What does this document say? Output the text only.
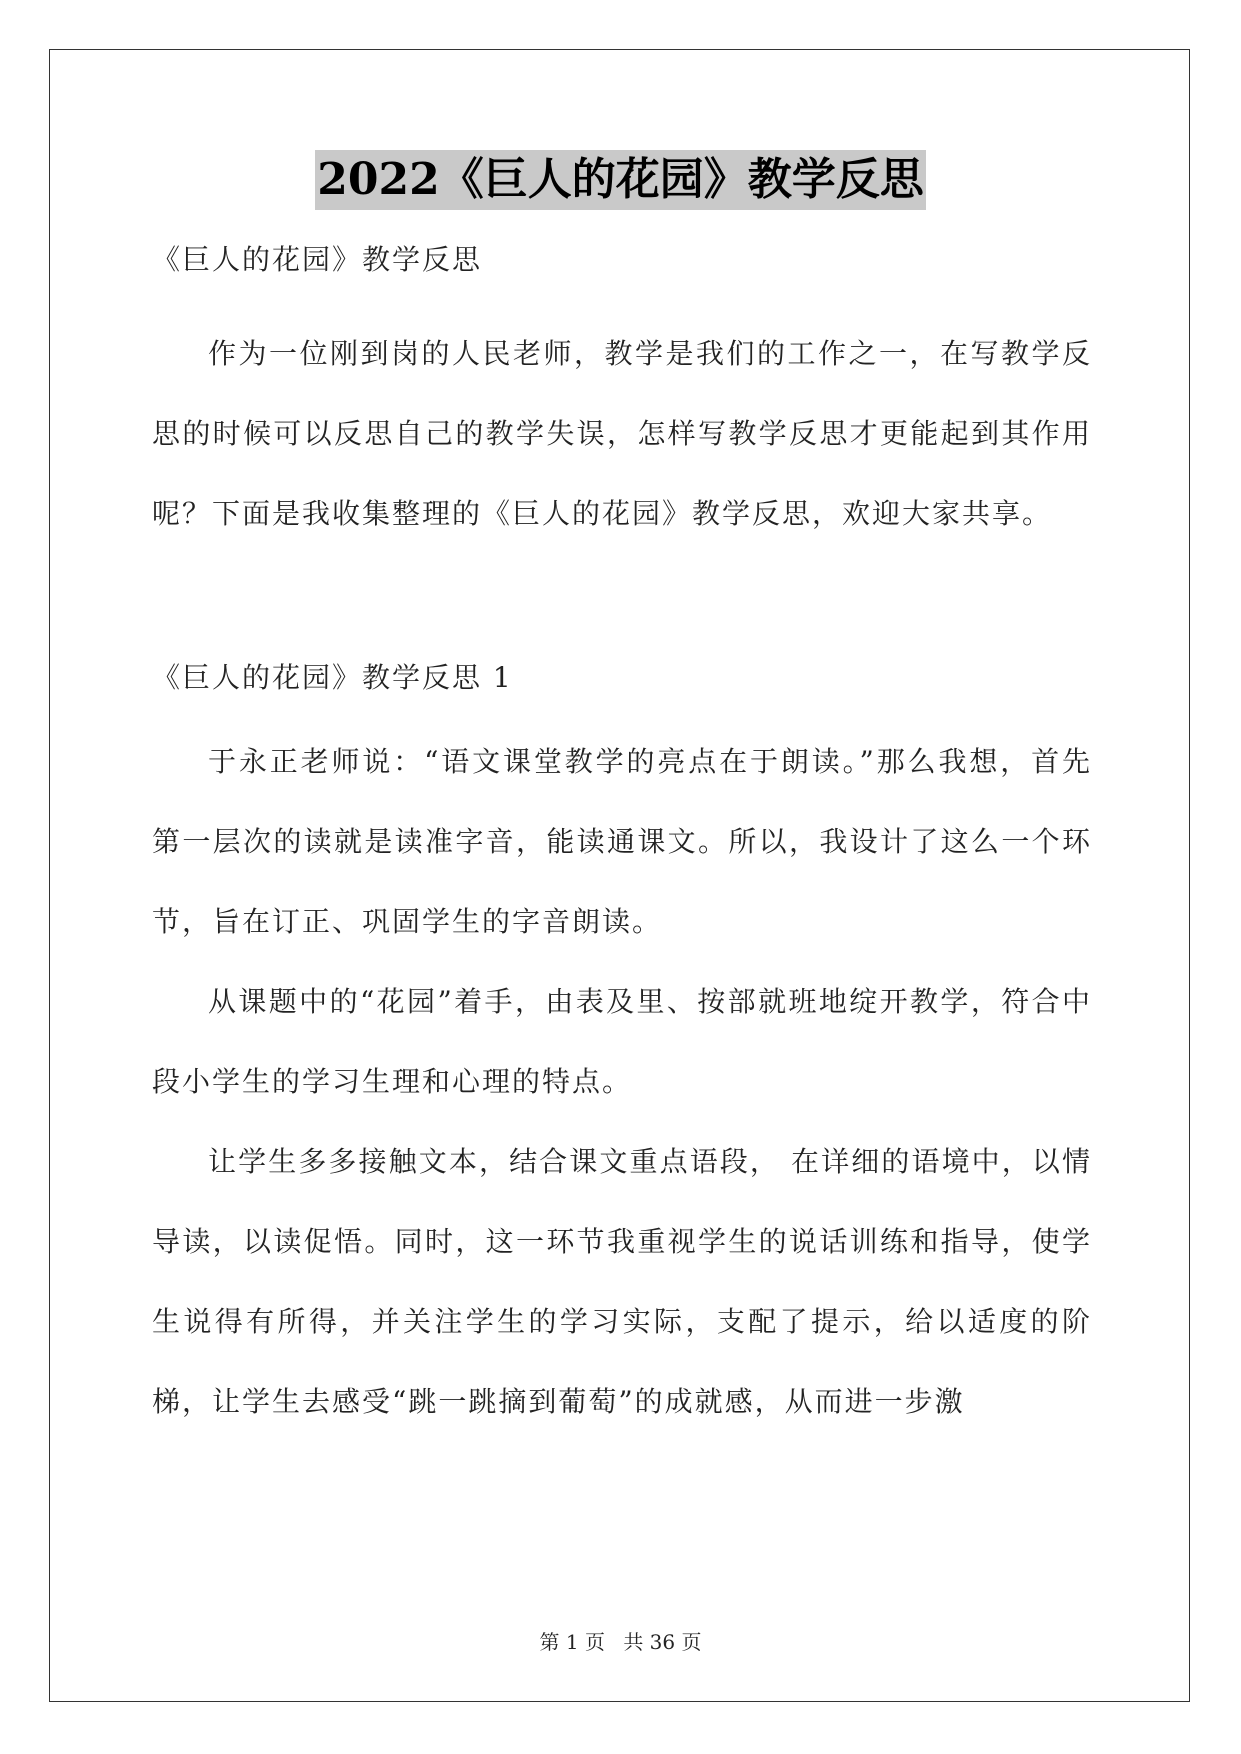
2022《巨人的花园》教学反思

《巨人的花园》教学反思

作为一位刚到岗的人民老师，教学是我们的工作之一，在写教学反思的时候可以反思自己的教学失误，怎样写教学反思才更能起到其作用呢？下面是我收集整理的《巨人的花园》教学反思，欢迎大家共享。

《巨人的花园》教学反思 1

于永正老师说：“语文课堂教学的亮点在于朗读。”那么我想，首先第一层次的读就是读准字音，能读通课文。所以，我设计了这么一个环节，旨在订正、巩固学生的字音朗读。

从课题中的“花园”着手，由表及里、按部就班地绽开教学，符合中段小学生的学习生理和心理的特点。

让学生多多接触文本，结合课文重点语段， 在详细的语境中，以情导读，以读促悟。同时，这一环节我重视学生的说话训练和指导，使学生说得有所得，并关注学生的学习实际，支配了提示，给以适度的阶梯，让学生去感受“跳一跳摘到葡萄”的成就感，从而进一步激

第 1 页 共 36 页
